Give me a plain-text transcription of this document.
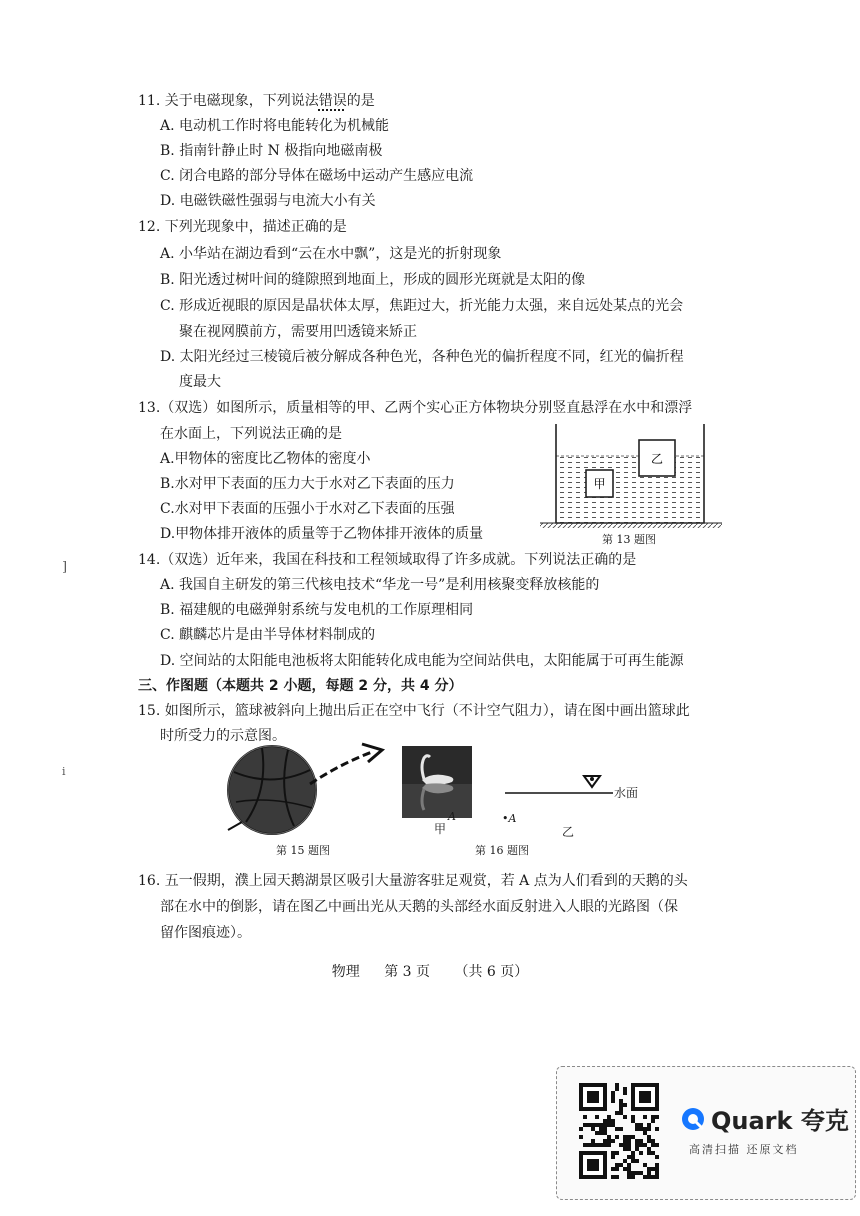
11. 关于电磁现象，下列说法错误的是
A. 电动机工作时将电能转化为机械能
B. 指南针静止时 N 极指向地磁南极
C. 闭合电路的部分导体在磁场中运动产生感应电流
D. 电磁铁磁性强弱与电流大小有关
12. 下列光现象中，描述正确的是
A. 小华站在湖边看到“云在水中飘”，这是光的折射现象
B. 阳光透过树叶间的缝隙照到地面上，形成的圆形光斑就是太阳的像
C. 形成近视眼的原因是晶状体太厚，焦距过大，折光能力太强，来自远处某点的光会
聚在视网膜前方，需要用凹透镜来矫正
D. 太阳光经过三棱镜后被分解成各种色光，各种色光的偏折程度不同，红光的偏折程
度最大
13.（双选）如图所示，质量相等的甲、乙两个实心正方体物块分别竖直悬浮在水中和漂浮
在水面上，下列说法正确的是
A.甲物体的密度比乙物体的密度小
B.水对甲下表面的压力大于水对乙下表面的压力
C.水对甲下表面的压强小于水对乙下表面的压强
D.甲物体排开液体的质量等于乙物体排开液体的质量
甲
乙
第 13 题图
14.（双选）近年来，我国在科技和工程领域取得了许多成就。下列说法正确的是
A. 我国自主研发的第三代核电技术“华龙一号”是利用核聚变释放核能的
B. 福建舰的电磁弹射系统与发电机的工作原理相同
C. 麒麟芯片是由半导体材料制成的
D. 空间站的太阳能电池板将太阳能转化成电能为空间站供电，太阳能属于可再生能源
三、作图题（本题共 2 小题，每题 2 分，共 4 分）
15. 如图所示，篮球被斜向上抛出后正在空中飞行（不计空气阻力），请在图中画出篮球此
时所受力的示意图。
第 15 题图
A
甲
水面
•A
乙
第 16 题图
16. 五一假期，濮上园天鹅湖景区吸引大量游客驻足观赏，若 A 点为人们看到的天鹅的头
部在水中的倒影，请在图乙中画出光从天鹅的头部经水面反射进入人眼的光路图（保
留作图痕迹）。
]
i
物理 第 3 页 （共 6 页）
Quark 夸克
高清扫描 还原文档
